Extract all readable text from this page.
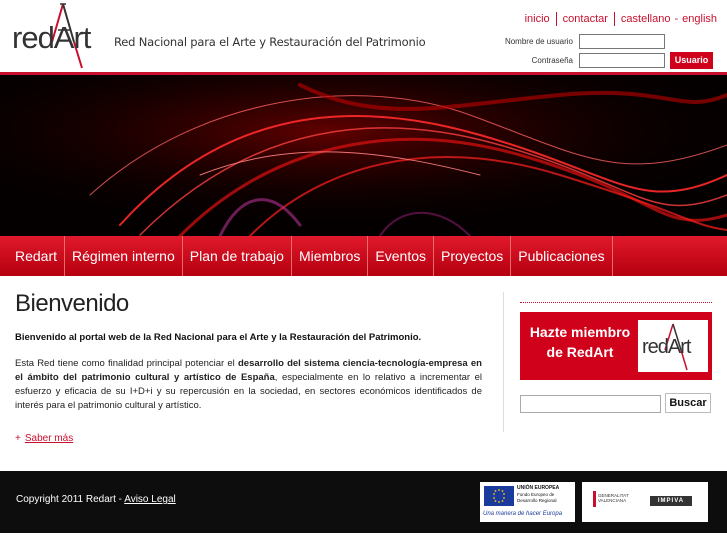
redArt Red Nacional para el Arte y Restauración del Patrimonio
inicio contactar castellano - english
Nombre de usuario
Contraseña	Usuario
Redart	Régimen interno	Plan de trabajo	Miembros	Eventos	Proyectos	Publicaciones
Bienvenido

Bienvenido al portal web de la Red Nacional para el Arte y la Restauración del Patrimonio.

Esta Red tiene como finalidad principal potenciar el desarrollo del sistema ciencia-tecnología-empresa en el ámbito del patrimonio cultural y artístico de España, especialmente en lo relativo a incrementar el esfuerzo y eficacia de su I+D+i y su repercusión en la sociedad, en sectores económicos identificados de interés para el patrimonio cultural y artístico.

+ Saber más
Hazte miembro
de RedArt	redArt
Buscar
Copyright 2011 Redart - Aviso Legal
UNIÓN EUROPEA
Fondo Europeo de
Desarrollo Regional
Una manera de hacer Europa
GENERALITAT
VALENCIANA	IMPIVA
